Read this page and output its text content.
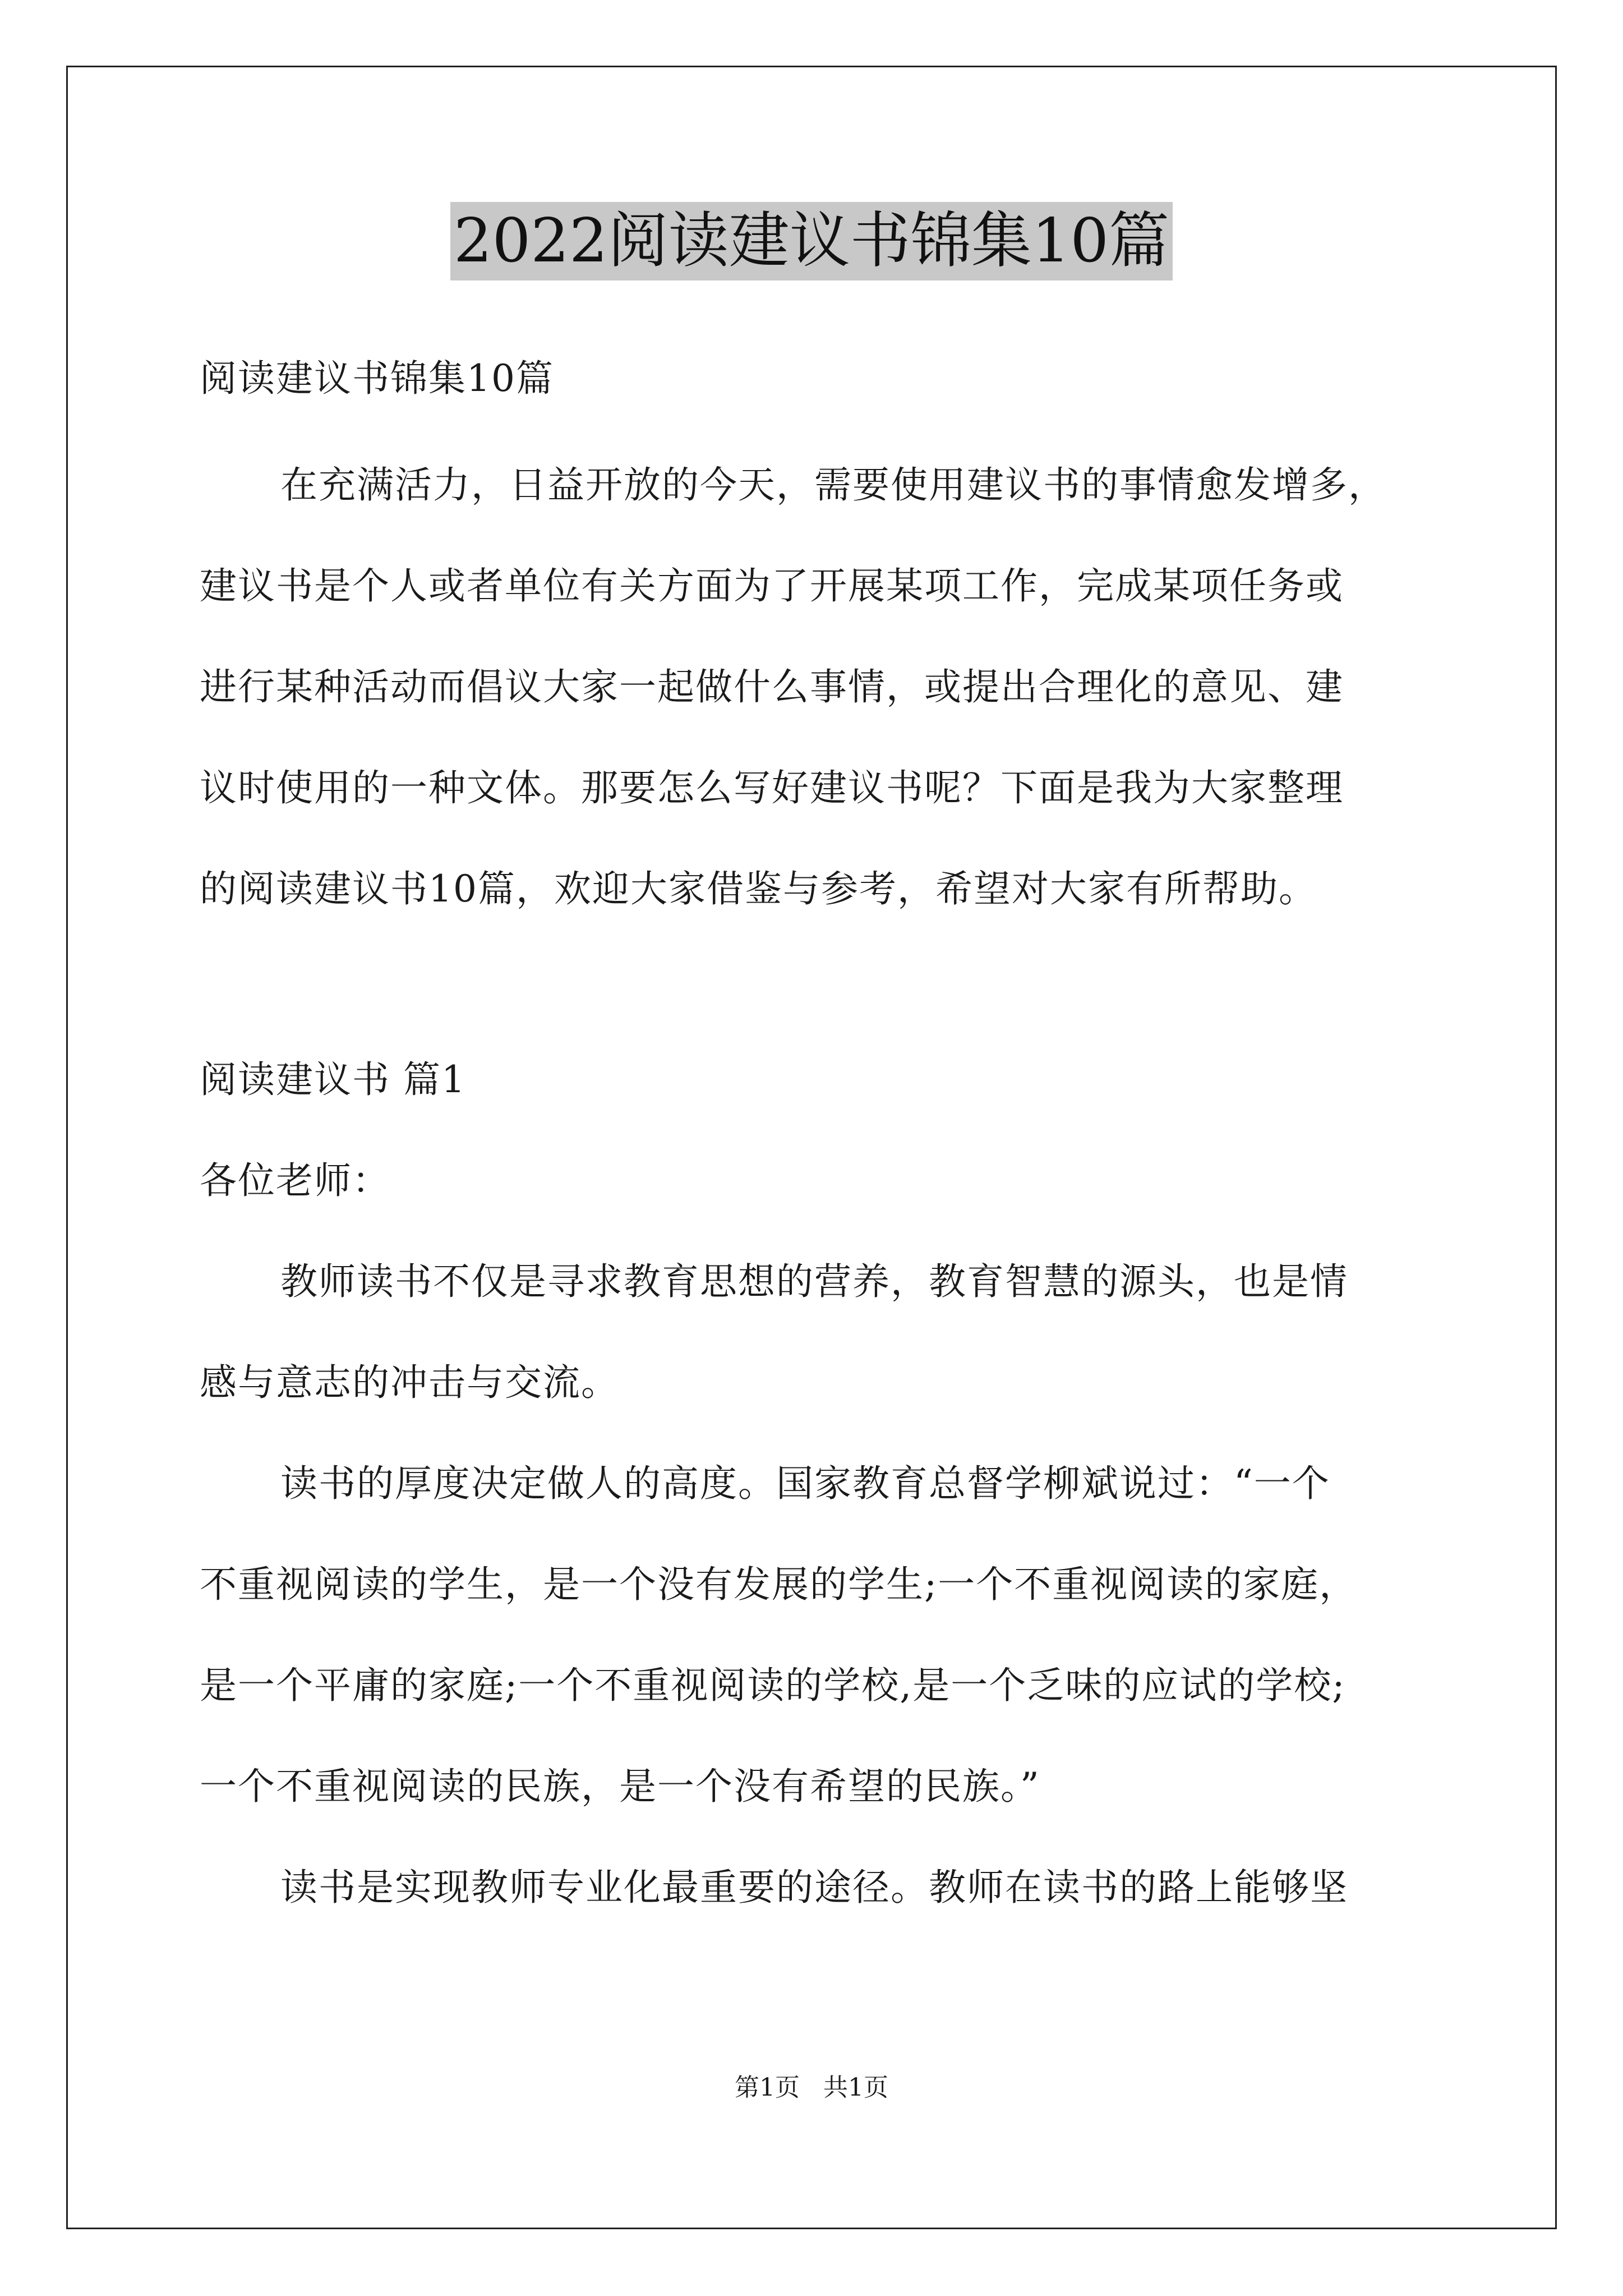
2022阅读建议书锦集10篇
阅读建议书锦集10篇
在充满活力，日益开放的今天，需要使用建议书的事情愈发增多，
建议书是个人或者单位有关方面为了开展某项工作，完成某项任务或
进行某种活动而倡议大家一起做什么事情，或提出合理化的意见、建
议时使用的一种文体。那要怎么写好建议书呢？下面是我为大家整理
的阅读建议书10篇，欢迎大家借鉴与参考，希望对大家有所帮助。
阅读建议书 篇1
各位老师：
教师读书不仅是寻求教育思想的营养，教育智慧的源头，也是情
感与意志的冲击与交流。
读书的厚度决定做人的高度。国家教育总督学柳斌说过：“一个
不重视阅读的学生，是一个没有发展的学生;一个不重视阅读的家庭，
是一个平庸的家庭;一个不重视阅读的学校,是一个乏味的应试的学校;
一个不重视阅读的民族，是一个没有希望的民族。”
读书是实现教师专业化最重要的途径。教师在读书的路上能够坚
第1页   共1页
